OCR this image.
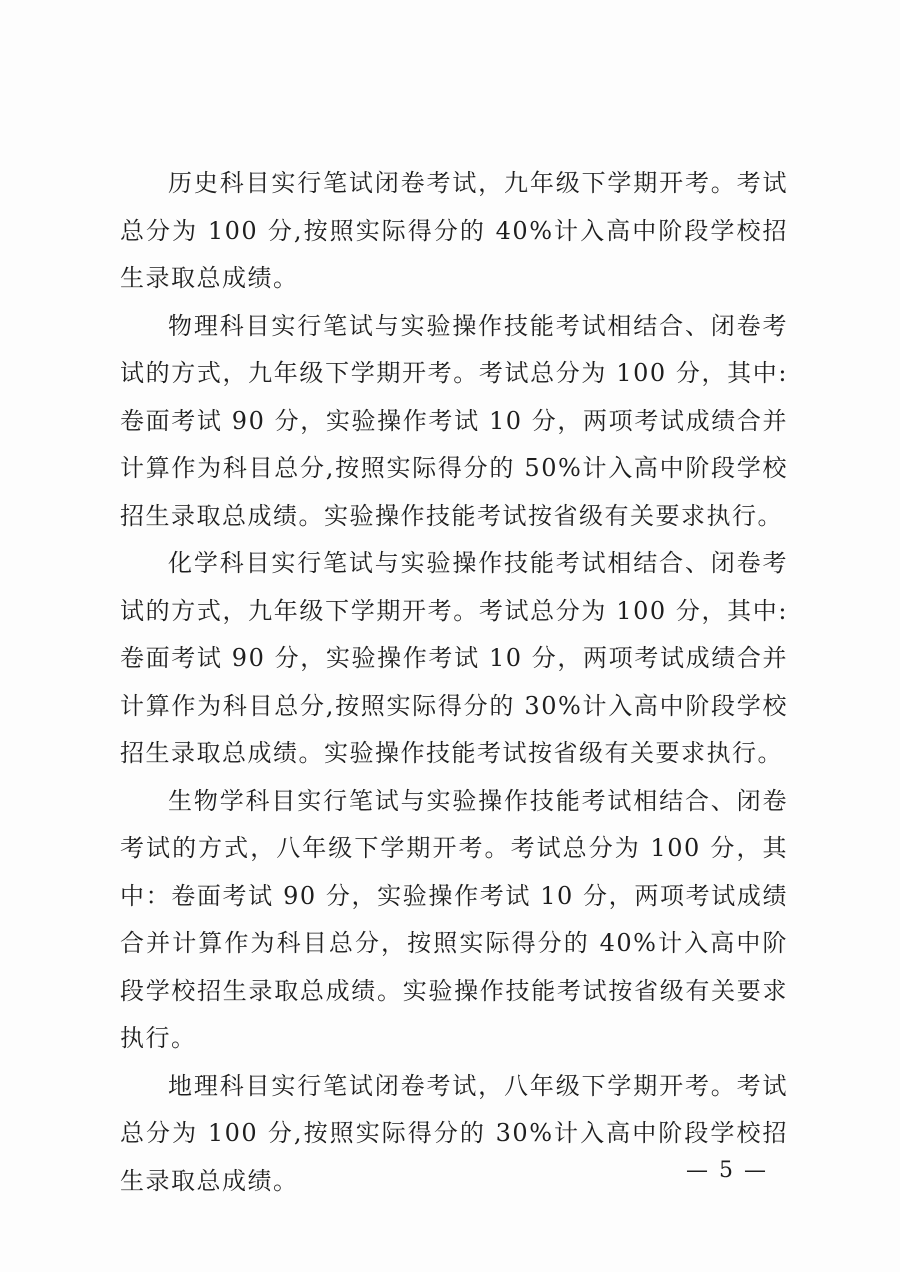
历史科目实行笔试闭卷考试，九年级下学期开考。考试总分为 100 分,按照实际得分的 40%计入高中阶段学校招生录取总成绩。

物理科目实行笔试与实验操作技能考试相结合、闭卷考试的方式，九年级下学期开考。考试总分为 100 分，其中:卷面考试 90 分，实验操作考试 10 分，两项考试成绩合并计算作为科目总分,按照实际得分的 50%计入高中阶段学校招生录取总成绩。实验操作技能考试按省级有关要求执行。

化学科目实行笔试与实验操作技能考试相结合、闭卷考试的方式，九年级下学期开考。考试总分为 100 分，其中:卷面考试 90 分，实验操作考试 10 分，两项考试成绩合并计算作为科目总分,按照实际得分的 30%计入高中阶段学校招生录取总成绩。实验操作技能考试按省级有关要求执行。

生物学科目实行笔试与实验操作技能考试相结合、闭卷考试的方式，八年级下学期开考。考试总分为 100 分，其中：卷面考试 90 分，实验操作考试 10 分，两项考试成绩合并计算作为科目总分，按照实际得分的 40%计入高中阶段学校招生录取总成绩。实验操作技能考试按省级有关要求执行。

地理科目实行笔试闭卷考试，八年级下学期开考。考试总分为 100 分,按照实际得分的 30%计入高中阶段学校招生录取总成绩。	— 5 —
